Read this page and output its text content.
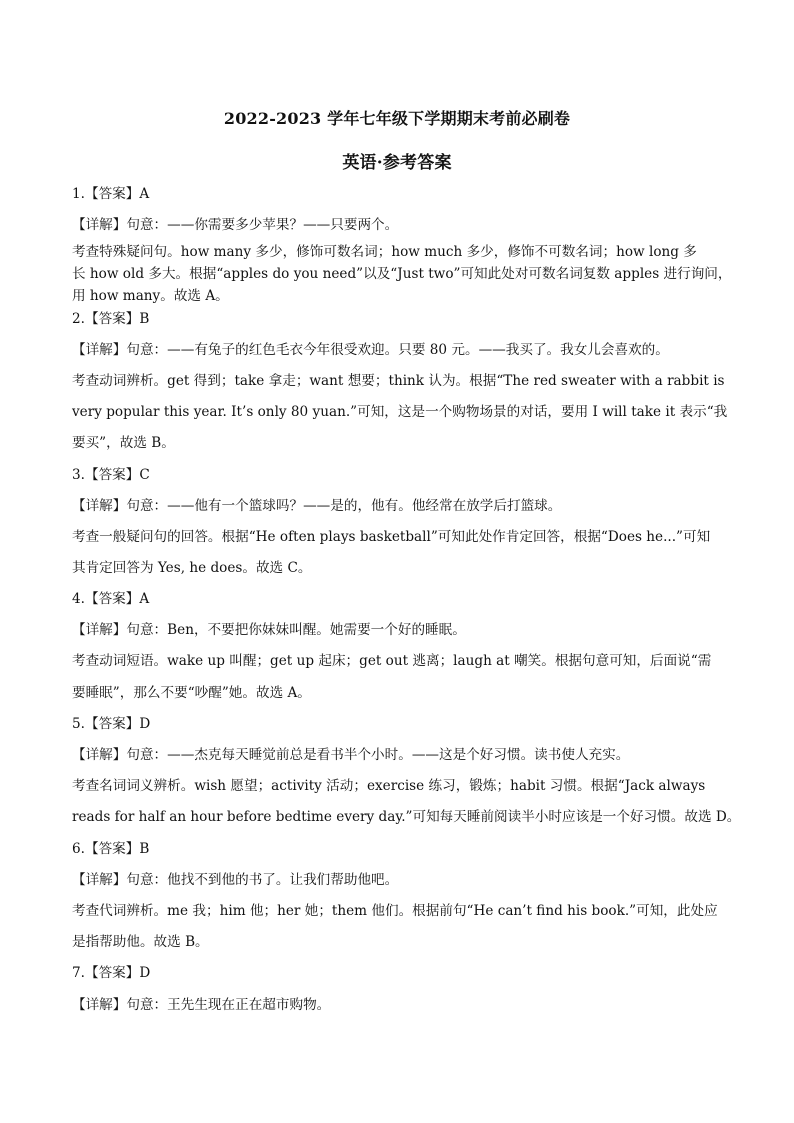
2022-2023 学年七年级下学期期末考前必刷卷
英语·参考答案
1.【答案】A
【详解】句意：——你需要多少苹果？——只要两个。
考查特殊疑问句。how many 多少，修饰可数名词；how much 多少，修饰不可数名词；how long 多
长 how old 多大。根据“apples do you need”以及“Just two”可知此处对可数名词复数 apples 进行询问，
用 how many。故选 A。
2.【答案】B
【详解】句意：——有兔子的红色毛衣今年很受欢迎。只要 80 元。——我买了。我女儿会喜欢的。
考查动词辨析。get 得到；take 拿走；want 想要；think 认为。根据“The red sweater with a rabbit is
very popular this year. It’s only 80 yuan.”可知，这是一个购物场景的对话，要用 I will take it 表示“我
要买”，故选 B。
3.【答案】C
【详解】句意：——他有一个篮球吗？——是的，他有。他经常在放学后打篮球。
考查一般疑问句的回答。根据“He often plays basketball”可知此处作肯定回答，根据“Does he...”可知
其肯定回答为 Yes, he does。故选 C。
4.【答案】A
【详解】句意：Ben，不要把你妹妹叫醒。她需要一个好的睡眠。
考查动词短语。wake up 叫醒；get up 起床；get out 逃离；laugh at 嘲笑。根据句意可知，后面说“需
要睡眠”，那么不要“吵醒”她。故选 A。
5.【答案】D
【详解】句意：——杰克每天睡觉前总是看书半个小时。——这是个好习惯。读书使人充实。
考查名词词义辨析。wish 愿望；activity 活动；exercise 练习，锻炼；habit 习惯。根据“Jack always
reads for half an hour before bedtime every day.”可知每天睡前阅读半小时应该是一个好习惯。故选 D。
6.【答案】B
【详解】句意：他找不到他的书了。让我们帮助他吧。
考查代词辨析。me 我；him 他；her 她；them 他们。根据前句“He can’t find his book.”可知，此处应
是指帮助他。故选 B。
7.【答案】D
【详解】句意：王先生现在正在超市购物。
